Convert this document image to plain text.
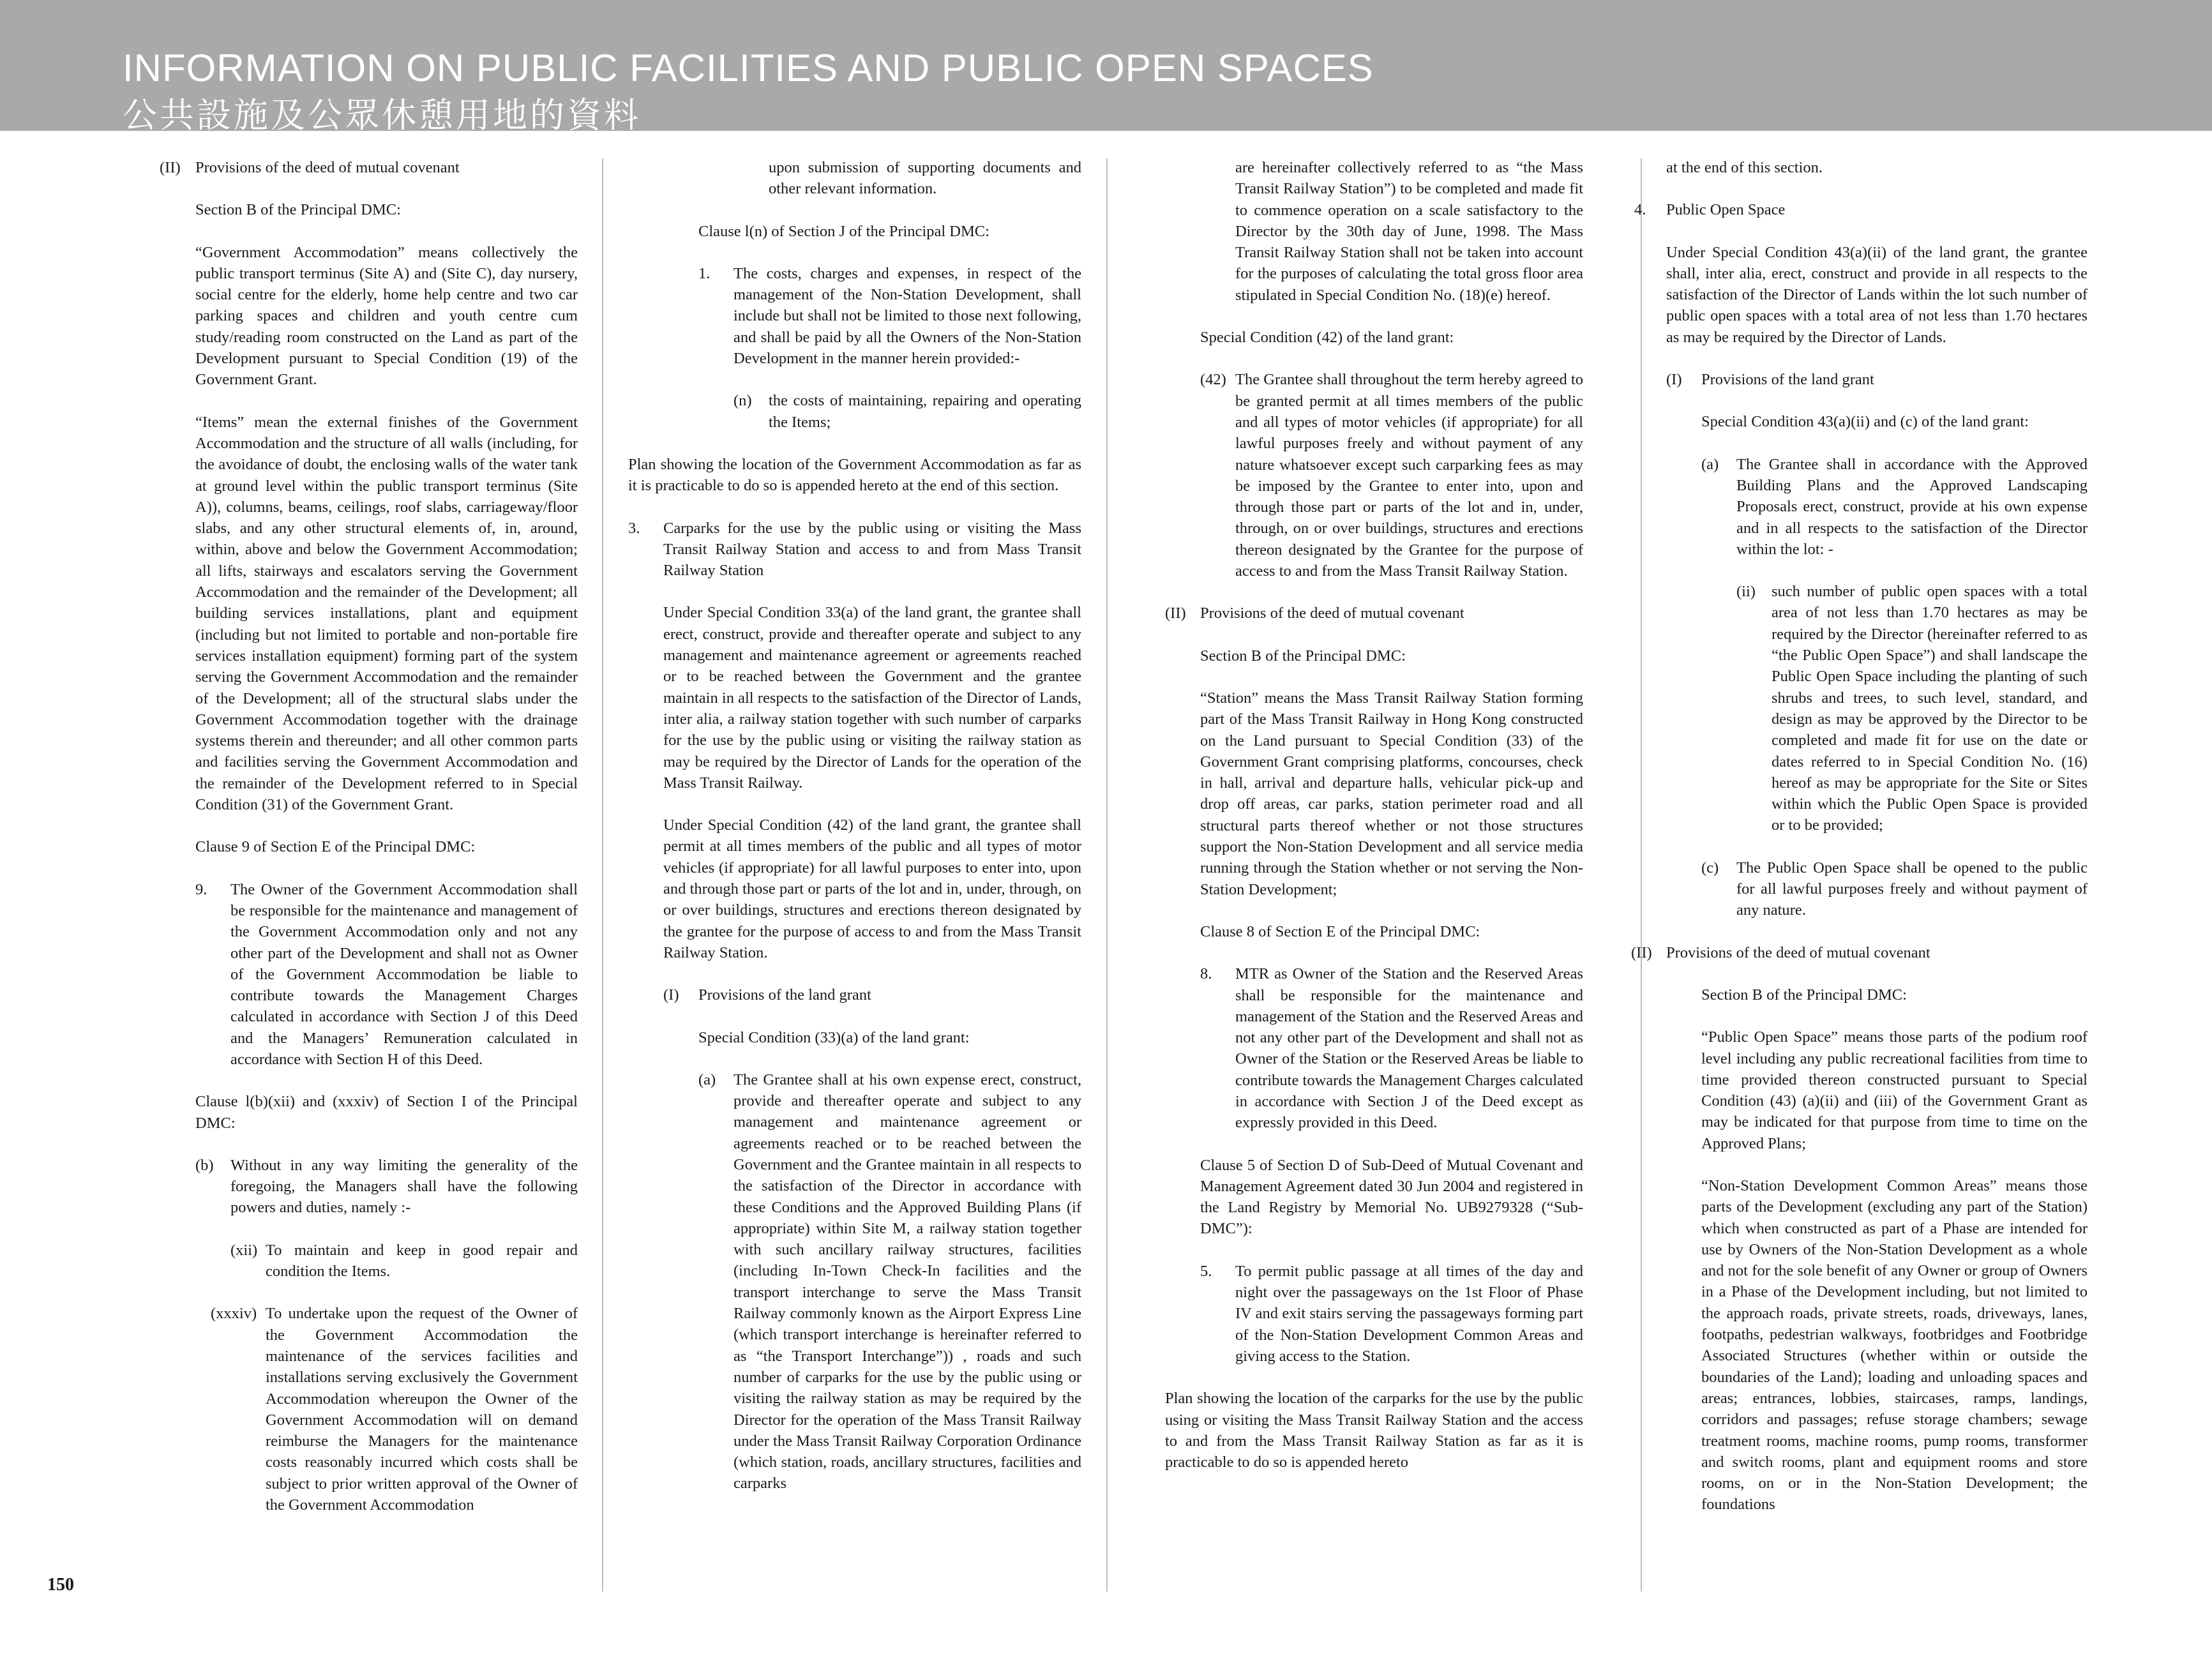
INFORMATION ON PUBLIC FACILITIES AND PUBLIC OPEN SPACES
公共設施及公眾休憩用地的資料
(II) Provisions of the deed of mutual covenant

Section B of the Principal DMC:

“Government Accommodation” means collectively the public transport terminus (Site A) and (Site C), day nursery, social centre for the elderly, home help centre and two car parking spaces and children and youth centre cum study/reading room constructed on the Land as part of the Development pursuant to Special Condition (19) of the Government Grant.

“Items” mean the external finishes of the Government Accommodation and the structure of all walls (including, for the avoidance of doubt, the enclosing walls of the water tank at ground level within the public transport terminus (Site A)), columns, beams, ceilings, roof slabs, carriageway/floor slabs, and any other structural elements of, in, around, within, above and below the Government Accommodation; all lifts, stairways and escalators serving the Government Accommodation and the remainder of the Development; all building services installations, plant and equipment (including but not limited to portable and non-portable fire services installation equipment) forming part of the system serving the Government Accommodation and the remainder of the Development; all of the structural slabs under the Government Accommodation together with the drainage systems therein and thereunder; and all other common parts and facilities serving the Government Accommodation and the remainder of the Development referred to in Special Condition (31) of the Government Grant.

Clause 9 of Section E of the Principal DMC:

9. The Owner of the Government Accommodation shall be responsible for the maintenance and management of the Government Accommodation only and not any other part of the Development and shall not as Owner of the Government Accommodation be liable to contribute towards the Management Charges calculated in accordance with Section J of this Deed and the Managers’ Remuneration calculated in accordance with Section H of this Deed.

Clause l(b)(xii) and (xxxiv) of Section I of the Principal DMC:

(b) Without in any way limiting the generality of the foregoing, the Managers shall have the following powers and duties, namely :-

(xii) To maintain and keep in good repair and condition the Items.

(xxxiv) To undertake upon the request of the Owner of the Government Accommodation the maintenance of the services facilities and installations serving exclusively the Government Accommodation whereupon the Owner of the Government Accommodation will on demand reimburse the Managers for the maintenance costs reasonably incurred which costs shall be subject to prior written approval of the Owner of the Government Accommodation

upon submission of supporting documents and other relevant information.

Clause l(n) of Section J of the Principal DMC:

1. The costs, charges and expenses, in respect of the management of the Non-Station Development, shall include but shall not be limited to those next following, and shall be paid by all the Owners of the Non-Station Development in the manner herein provided:-

(n) the costs of maintaining, repairing and operating the Items;

Plan showing the location of the Government Accommodation as far as it is practicable to do so is appended hereto at the end of this section.

3. Carparks for the use by the public using or visiting the Mass Transit Railway Station and access to and from Mass Transit Railway Station

Under Special Condition 33(a) of the land grant, the grantee shall erect, construct, provide and thereafter operate and subject to any management and maintenance agreement or agreements reached or to be reached between the Government and the grantee maintain in all respects to the satisfaction of the Director of Lands, inter alia, a railway station together with such number of carparks for the use by the public using or visiting the railway station as may be required by the Director of Lands for the operation of the Mass Transit Railway.

Under Special Condition (42) of the land grant, the grantee shall permit at all times members of the public and all types of motor vehicles (if appropriate) for all lawful purposes to enter into, upon and through those part or parts of the lot and in, under, through, on or over buildings, structures and erections thereon designated by the grantee for the purpose of access to and from the Mass Transit Railway Station.

(I) Provisions of the land grant

Special Condition (33)(a) of the land grant:

(a) The Grantee shall at his own expense erect, construct, provide and thereafter operate and subject to any management and maintenance agreement or agreements reached or to be reached between the Government and the Grantee maintain in all respects to the satisfaction of the Director in accordance with these Conditions and the Approved Building Plans (if appropriate) within Site M, a railway station together with such ancillary railway structures, facilities (including In-Town Check-In facilities and the transport interchange to serve the Mass Transit Railway commonly known as the Airport Express Line (which transport interchange is hereinafter referred to as “the Transport Interchange”)) , roads and such number of carparks for the use by the public using or visiting the railway station as may be required by the Director for the operation of the Mass Transit Railway under the Mass Transit Railway Corporation Ordinance (which station, roads, ancillary structures, facilities and carparks

are hereinafter collectively referred to as “the Mass Transit Railway Station”) to be completed and made fit to commence operation on a scale satisfactory to the Director by the 30th day of June, 1998. The Mass Transit Railway Station shall not be taken into account for the purposes of calculating the total gross floor area stipulated in Special Condition No. (18)(e) hereof.

Special Condition (42) of the land grant:

(42) The Grantee shall throughout the term hereby agreed to be granted permit at all times members of the public and all types of motor vehicles (if appropriate) for all lawful purposes freely and without payment of any nature whatsoever except such carparking fees as may be imposed by the Grantee to enter into, upon and through those part or parts of the lot and in, under, through, on or over buildings, structures and erections thereon designated by the Grantee for the purpose of access to and from the Mass Transit Railway Station.

(II) Provisions of the deed of mutual covenant

Section B of the Principal DMC:

“Station” means the Mass Transit Railway Station forming part of the Mass Transit Railway in Hong Kong constructed on the Land pursuant to Special Condition (33) of the Government Grant comprising platforms, concourses, check in hall, arrival and departure halls, vehicular pick-up and drop off areas, car parks, station perimeter road and all structural parts thereof whether or not those structures support the Non-Station Development and all service media running through the Station whether or not serving the Non-Station Development;

Clause 8 of Section E of the Principal DMC:

8. MTR as Owner of the Station and the Reserved Areas shall be responsible for the maintenance and management of the Station and the Reserved Areas and not any other part of the Development and shall not as Owner of the Station or the Reserved Areas be liable to contribute towards the Management Charges calculated in accordance with Section J of the Deed except as expressly provided in this Deed.

Clause 5 of Section D of Sub-Deed of Mutual Covenant and Management Agreement dated 30 Jun 2004 and registered in the Land Registry by Memorial No. UB9279328 (“Sub-DMC”):

5. To permit public passage at all times of the day and night over the passageways on the 1st Floor of Phase IV and exit stairs serving the passageways forming part of the Non-Station Development Common Areas and giving access to the Station.

Plan showing the location of the carparks for the use by the public using or visiting the Mass Transit Railway Station and the access to and from the Mass Transit Railway Station as far as it is practicable to do so is appended hereto

at the end of this section.

4. Public Open Space

Under Special Condition 43(a)(ii) of the land grant, the grantee shall, inter alia, erect, construct and provide in all respects to the satisfaction of the Director of Lands within the lot such number of public open spaces with a total area of not less than 1.70 hectares as may be required by the Director of Lands.

(I) Provisions of the land grant

Special Condition 43(a)(ii) and (c) of the land grant:

(a) The Grantee shall in accordance with the Approved Building Plans and the Approved Landscaping Proposals erect, construct, provide at his own expense and in all respects to the satisfaction of the Director within the lot: -

(ii) such number of public open spaces with a total area of not less than 1.70 hectares as may be required by the Director (hereinafter referred to as “the Public Open Space”) and shall landscape the Public Open Space including the planting of such shrubs and trees, to such level, standard, and design as may be approved by the Director to be completed and made fit for use on the date or dates referred to in Special Condition No. (16) hereof as may be appropriate for the Site or Sites within which the Public Open Space is provided or to be provided;

(c) The Public Open Space shall be opened to the public for all lawful purposes freely and without payment of any nature.

(II) Provisions of the deed of mutual covenant

Section B of the Principal DMC:

“Public Open Space” means those parts of the podium roof level including any public recreational facilities from time to time provided thereon constructed pursuant to Special Condition (43) (a)(ii) and (iii) of the Government Grant as may be indicated for that purpose from time to time on the Approved Plans;

“Non-Station Development Common Areas” means those parts of the Development (excluding any part of the Station) which when constructed as part of a Phase are intended for use by Owners of the Non-Station Development as a whole and not for the sole benefit of any Owner or group of Owners in a Phase of the Development including, but not limited to the approach roads, private streets, roads, driveways, lanes, footpaths, pedestrian walkways, footbridges and Footbridge Associated Structures (whether within or outside the boundaries of the Land); loading and unloading spaces and areas; entrances, lobbies, staircases, ramps, landings, corridors and passages; refuse storage chambers; sewage treatment rooms, machine rooms, pump rooms, transformer and switch rooms, plant and equipment rooms and store rooms, on or in the Non-Station Development; the foundations

150
